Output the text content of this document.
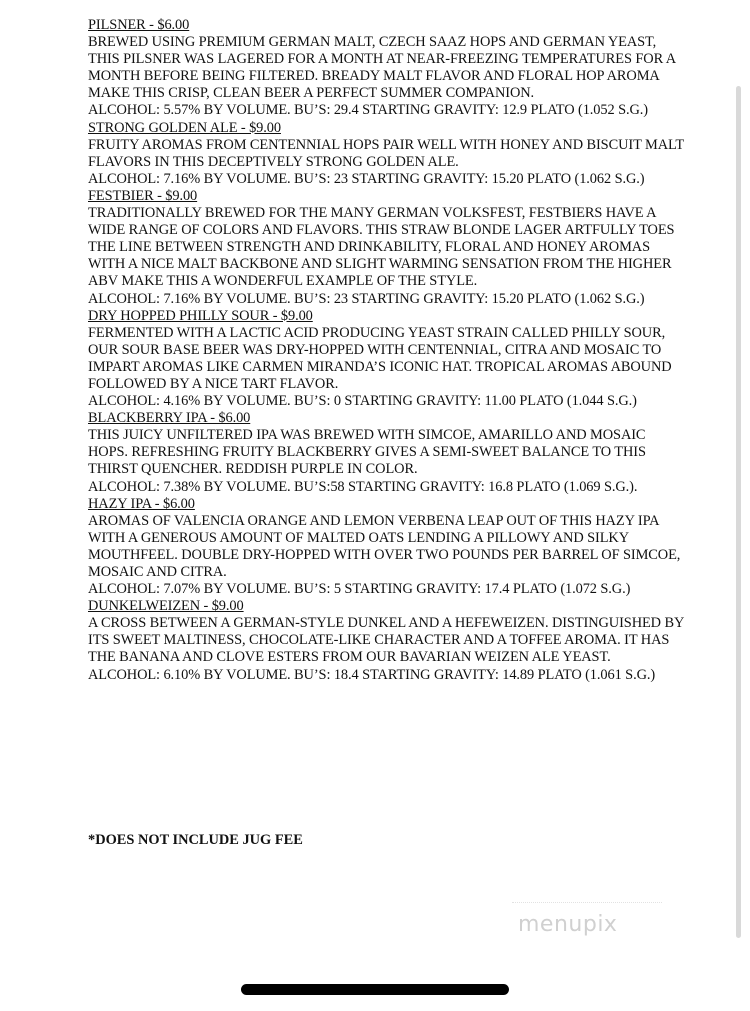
PILSNER - $6.00
BREWED USING PREMIUM GERMAN MALT, CZECH SAAZ HOPS AND GERMAN YEAST, THIS PILSNER WAS LAGERED FOR A MONTH AT NEAR-FREEZING TEMPERATURES FOR A MONTH BEFORE BEING FILTERED. BREADY MALT FLAVOR AND FLORAL HOP AROMA MAKE THIS CRISP, CLEAN BEER A PERFECT SUMMER COMPANION.
ALCOHOL: 5.57% BY VOLUME. BU’S: 29.4 STARTING GRAVITY: 12.9 PLATO (1.052 S.G.)
STRONG GOLDEN ALE - $9.00
FRUITY AROMAS FROM CENTENNIAL HOPS PAIR WELL WITH HONEY AND BISCUIT MALT FLAVORS IN THIS DECEPTIVELY STRONG GOLDEN ALE.
ALCOHOL: 7.16% BY VOLUME. BU’S: 23 STARTING GRAVITY: 15.20 PLATO (1.062 S.G.)
FESTBIER - $9.00
TRADITIONALLY BREWED FOR THE MANY GERMAN VOLKSFEST, FESTBIERS HAVE A WIDE RANGE OF COLORS AND FLAVORS. THIS STRAW BLONDE LAGER ARTFULLY TOES THE LINE BETWEEN STRENGTH AND DRINKABILITY, FLORAL AND HONEY AROMAS WITH A NICE MALT BACKBONE AND SLIGHT WARMING SENSATION FROM THE HIGHER ABV MAKE THIS A WONDERFUL EXAMPLE OF THE STYLE.
ALCOHOL: 7.16% BY VOLUME. BU’S: 23 STARTING GRAVITY: 15.20 PLATO (1.062 S.G.)
DRY HOPPED PHILLY SOUR - $9.00
FERMENTED WITH A LACTIC ACID PRODUCING YEAST STRAIN CALLED PHILLY SOUR, OUR SOUR BASE BEER WAS DRY-HOPPED WITH CENTENNIAL, CITRA AND MOSAIC TO IMPART AROMAS LIKE CARMEN MIRANDA’S ICONIC HAT. TROPICAL AROMAS ABOUND FOLLOWED BY A NICE TART FLAVOR.
ALCOHOL: 4.16% BY VOLUME. BU’S: 0 STARTING GRAVITY: 11.00 PLATO (1.044 S.G.)
BLACKBERRY IPA - $6.00
THIS JUICY UNFILTERED IPA WAS BREWED WITH SIMCOE, AMARILLO AND MOSAIC HOPS. REFRESHING FRUITY BLACKBERRY GIVES A SEMI-SWEET BALANCE TO THIS THIRST QUENCHER. REDDISH PURPLE IN COLOR.
ALCOHOL: 7.38% BY VOLUME. BU’S:58 STARTING GRAVITY: 16.8 PLATO (1.069 S.G.).
HAZY IPA - $6.00
AROMAS OF VALENCIA ORANGE AND LEMON VERBENA LEAP OUT OF THIS HAZY IPA WITH A GENEROUS AMOUNT OF MALTED OATS LENDING A PILLOWY AND SILKY MOUTHFEEL. DOUBLE DRY-HOPPED WITH OVER TWO POUNDS PER BARREL OF SIMCOE, MOSAIC AND CITRA.
ALCOHOL: 7.07% BY VOLUME. BU’S: 5 STARTING GRAVITY: 17.4 PLATO (1.072 S.G.)
DUNKELWEIZEN - $9.00
A CROSS BETWEEN A GERMAN-STYLE DUNKEL AND A HEFEWEIZEN. DISTINGUISHED BY ITS SWEET MALTINESS, CHOCOLATE-LIKE CHARACTER AND A TOFFEE AROMA. IT HAS THE BANANA AND CLOVE ESTERS FROM OUR BAVARIAN WEIZEN ALE YEAST.
ALCOHOL: 6.10% BY VOLUME. BU’S: 18.4 STARTING GRAVITY: 14.89 PLATO (1.061 S.G.)
*DOES NOT INCLUDE JUG FEE
menupix
